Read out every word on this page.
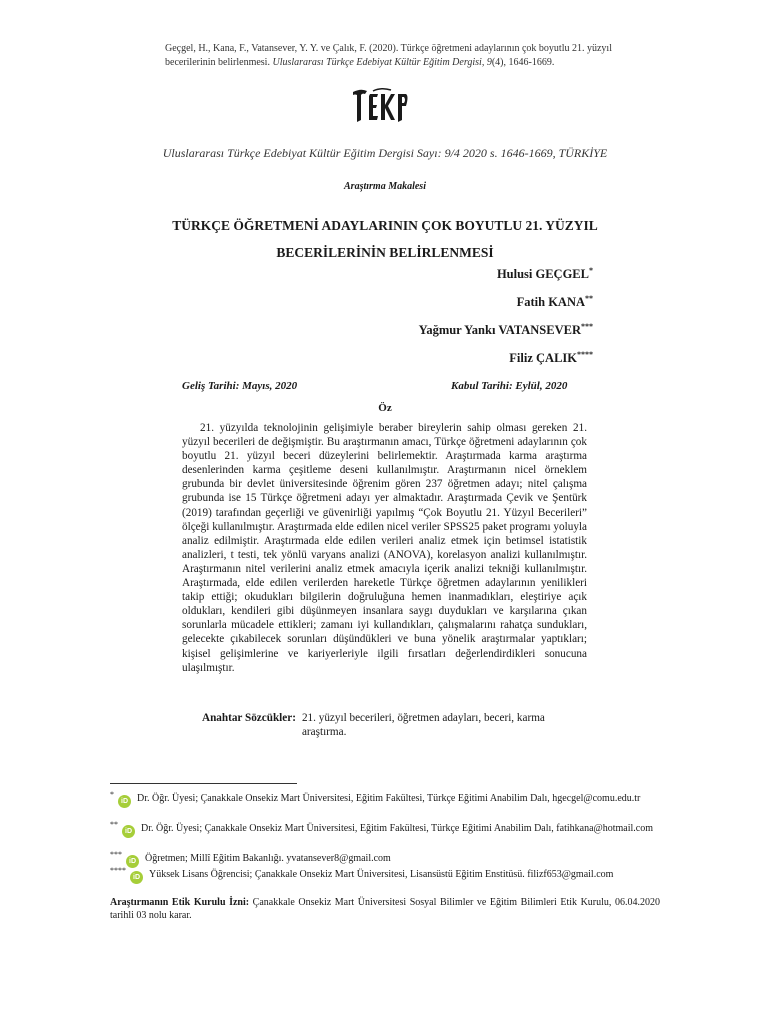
Geçgel, H., Kana, F., Vatansever, Y. Y. ve Çalık, F. (2020). Türkçe öğretmeni adaylarının çok boyutlu 21. yüzyıl becerilerinin belirlenmesi. Uluslararası Türkçe Edebiyat Kültür Eğitim Dergisi, 9(4), 1646-1669.
Uluslararası Türkçe Edebiyat Kültür Eğitim Dergisi Sayı: 9/4 2020 s. 1646-1669, TÜRKİYE
Araştırma Makalesi
TÜRKÇE ÖĞRETMENİ ADAYLARININ ÇOK BOYUTLU 21. YÜZYIL
BECERİLERİNİN BELİRLENMESİ
Hulusi GEÇGEL*
Fatih KANA**
Yağmur Yankı VATANSEVER***
Filiz ÇALIK****
Geliş Tarihi: Mayıs, 2020	Kabul Tarihi: Eylül, 2020
Öz

21. yüzyılda teknolojinin gelişimiyle beraber bireylerin sahip olması gereken 21. yüzyıl becerileri de değişmiştir. Bu araştırmanın amacı, Türkçe öğretmeni adaylarının çok boyutlu 21. yüzyıl beceri düzeylerini belirlemektir. Araştırmada karma araştırma desenlerinden karma çeşitleme deseni kullanılmıştır. Araştırmanın nicel örneklem grubunda bir devlet üniversitesinde öğrenim gören 237 öğretmen adayı; nitel çalışma grubunda ise 15 Türkçe öğretmeni adayı yer almaktadır. Araştırmada Çevik ve Şentürk (2019) tarafından geçerliği ve güvenirliği yapılmış “Çok Boyutlu 21. Yüzyıl Becerileri” ölçeği kullanılmıştır. Araştırmada elde edilen nicel veriler SPSS25 paket programı yoluyla analiz edilmiştir. Araştırmada elde edilen verileri analiz etmek için betimsel istatistik analizleri, t testi, tek yönlü varyans analizi (ANOVA), korelasyon analizi kullanılmıştır. Araştırmanın nitel verilerini analiz etmek amacıyla içerik analizi tekniği kullanılmıştır. Araştırmada, elde edilen verilerden hareketle Türkçe öğretmen adaylarının yenilikleri takip ettiği; okudukları bilgilerin doğruluğuna hemen inanmadıkları, eleştiriye açık oldukları, kendileri gibi düşünmeyen insanlara saygı duydukları ve karşılarına çıkan sorunlarla mücadele ettikleri; zamanı iyi kullandıkları, çalışmalarını rahatça sundukları, gelecekte çıkabilecek sorunları düşündükleri ve buna yönelik araştırmalar yaptıkları; kişisel gelişimlerine ve kariyerleriyle ilgili fırsatları değerlendirdikleri sonucuna ulaşılmıştır.

Anahtar Sözcükler: 21. yüzyıl becerileri, öğretmen adayları, beceri, karma araştırma.
*iD Dr. Öğr. Üyesi; Çanakkale Onsekiz Mart Üniversitesi, Eğitim Fakültesi, Türkçe Eğitimi Anabilim Dalı, hgecgel@comu.edu.tr
**iD Dr. Öğr. Üyesi; Çanakkale Onsekiz Mart Üniversitesi, Eğitim Fakültesi, Türkçe Eğitimi Anabilim Dalı, fatihkana@hotmail.com
***iD Öğretmen; Millî Eğitim Bakanlığı. yvatansever8@gmail.com
****iD Yüksek Lisans Öğrencisi; Çanakkale Onsekiz Mart Üniversitesi, Lisansüstü Eğitim Enstitüsü. filizf653@gmail.com
Araştırmanın Etik Kurulu İzni: Çanakkale Onsekiz Mart Üniversitesi Sosyal Bilimler ve Eğitim Bilimleri Etik Kurulu, 06.04.2020 tarihli 03 nolu karar.
